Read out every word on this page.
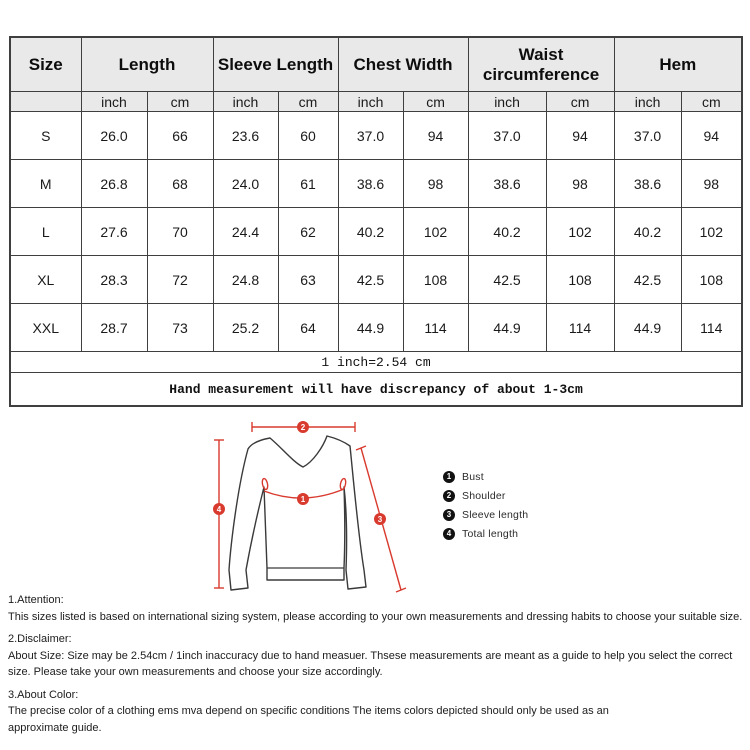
Size	Length		Sleeve Length		Chest Width		Waist circumference		Hem	
	inch	cm	inch	cm	inch	cm	inch	cm	inch	cm
S	26.0	66	23.6	60	37.0	94	37.0	94	37.0	94
M	26.8	68	24.0	61	38.6	98	38.6	98	38.6	98
L	27.6	70	24.4	62	40.2	102	40.2	102	40.2	102
XL	28.3	72	24.8	63	42.5	108	42.5	108	42.5	108
XXL	28.7	73	25.2	64	44.9	114	44.9	114	44.9	114
1 inch=2.54 cm										
Hand measurement will have discrepancy of about 1-3cm										
1
2
3
4
1	Bust
2	Shoulder
3	Sleeve length
4	Total length
1.Attention:
This sizes listed is based on international sizing system, please according to your own measurements and dressing habits to choose your suitable size.
2.Disclaimer:
About Size: Size may be 2.54cm / 1inch inaccuracy due to hand measuer. Thsese measurements are meant as a guide to help you select the correct size. Please take your own measurements and choose your size accordingly.
3.About Color:
The precise color of a clothing ems mva depend on specific conditions The items colors depicted should only be used as an approximate guide.
